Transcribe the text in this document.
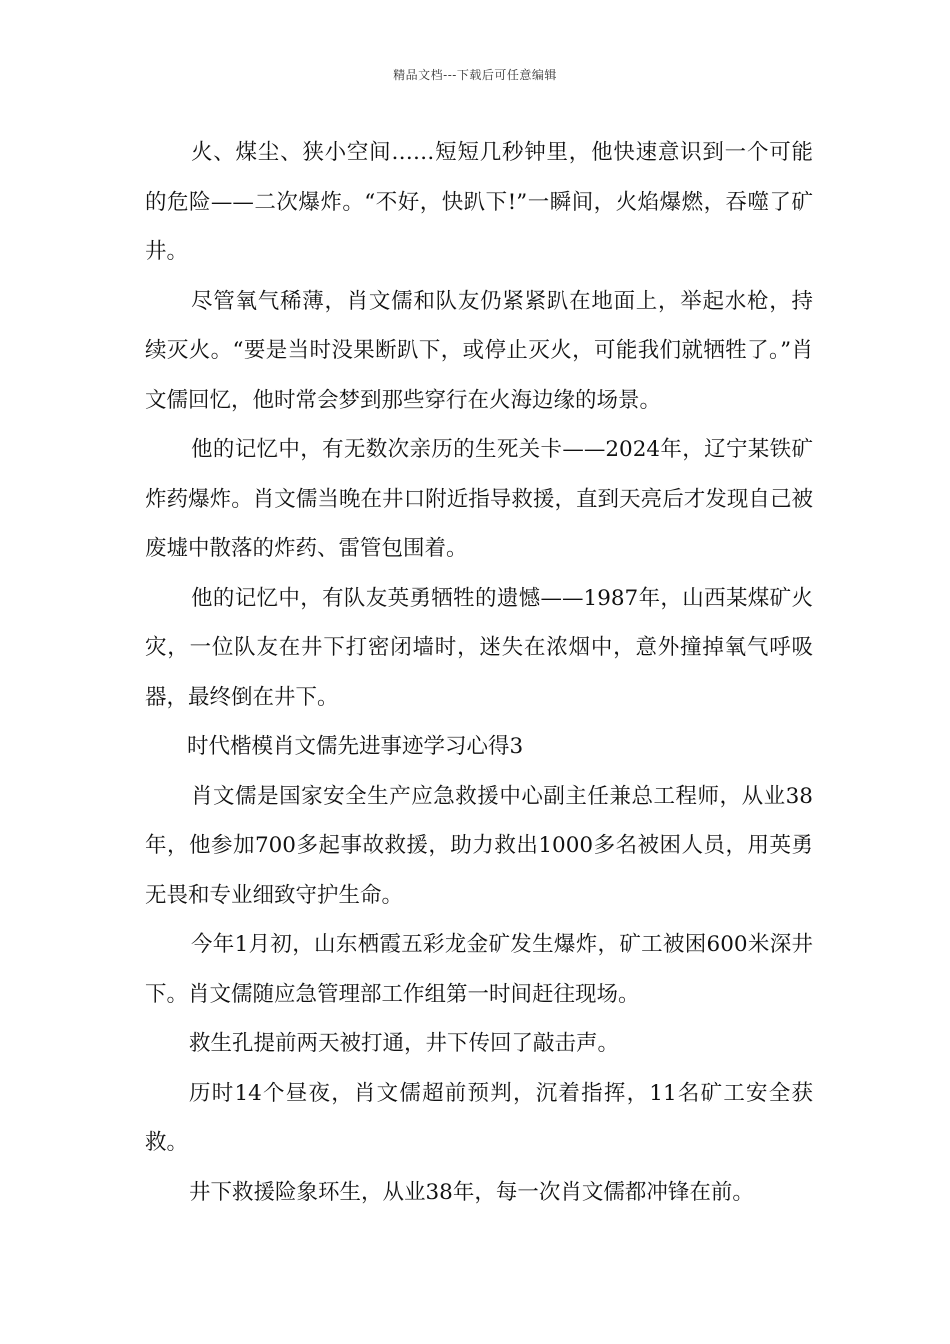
精品文档---下载后可任意编辑

火、煤尘、狭小空间……短短几秒钟里，他快速意识到一个可能的危险——二次爆炸。“不好，快趴下!”一瞬间，火焰爆燃，吞噬了矿井。

尽管氧气稀薄，肖文儒和队友仍紧紧趴在地面上，举起水枪，持续灭火。“要是当时没果断趴下，或停止灭火，可能我们就牺牲了。”肖文儒回忆，他时常会梦到那些穿行在火海边缘的场景。

他的记忆中，有无数次亲历的生死关卡——2024年，辽宁某铁矿炸药爆炸。肖文儒当晚在井口附近指导救援，直到天亮后才发现自己被废墟中散落的炸药、雷管包围着。

他的记忆中，有队友英勇牺牲的遗憾——1987年，山西某煤矿火灾，一位队友在井下打密闭墙时，迷失在浓烟中，意外撞掉氧气呼吸器，最终倒在井下。

时代楷模肖文儒先进事迹学习心得3

肖文儒是国家安全生产应急救援中心副主任兼总工程师，从业38年，他参加700多起事故救援，助力救出1000多名被困人员，用英勇无畏和专业细致守护生命。

今年1月初，山东栖霞五彩龙金矿发生爆炸，矿工被困600米深井下。肖文儒随应急管理部工作组第一时间赶往现场。

救生孔提前两天被打通，井下传回了敲击声。

历时14个昼夜，肖文儒超前预判，沉着指挥，11名矿工安全获救。

井下救援险象环生，从业38年，每一次肖文儒都冲锋在前。
